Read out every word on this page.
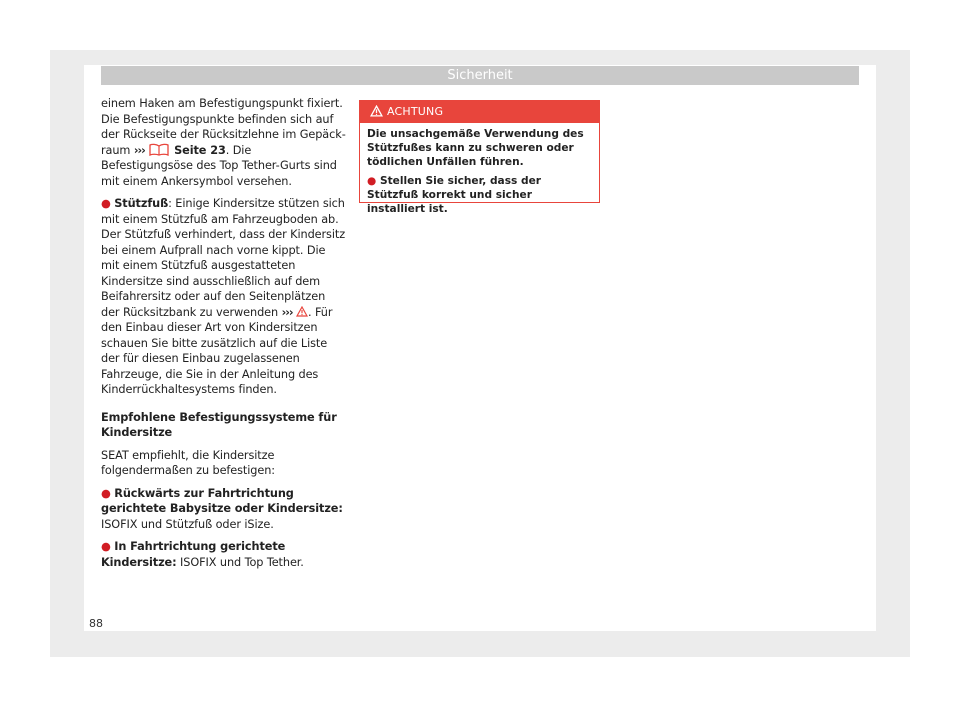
Sicherheit

einem Haken am Befestigungspunkt fixiert. Die Befestigungspunkte befinden sich auf der Rückseite der Rücksitzlehne im Gepäckraum ›››  Seite 23. Die Befestigungsöse des Top Tether-Gurts sind mit einem Ankersymbol versehen.

● Stützfuß: Einige Kindersitze stützen sich mit einem Stützfuß am Fahrzeugboden ab. Der Stützfuß verhindert, dass der Kindersitz bei einem Aufprall nach vorne kippt. Die mit einem Stützfuß ausgestatteten Kindersitze sind ausschließlich auf dem Beifahrersitz oder auf den Seitenplätzen der Rücksitzbank zu verwenden ››› . Für den Einbau dieser Art von Kindersitzen schauen Sie bitte zusätzlich auf die Liste der für diesen Einbau zugelassenen Fahrzeuge, die Sie in der Anleitung des Kinderrückhaltesystems finden.

Empfohlene Befestigungssysteme für Kindersitze

SEAT empfiehlt, die Kindersitze folgendermaßen zu befestigen:

● Rückwärts zur Fahrtrichtung gerichtete Babysitze oder Kindersitze: ISOFIX und Stützfuß oder iSize.

● In Fahrtrichtung gerichtete Kindersitze: ISOFIX und Top Tether.

ACHTUNG

Die unsachgemäße Verwendung des Stützfußes kann zu schweren oder tödlichen Unfällen führen.

● Stellen Sie sicher, dass der Stützfuß korrekt und sicher installiert ist.

88
